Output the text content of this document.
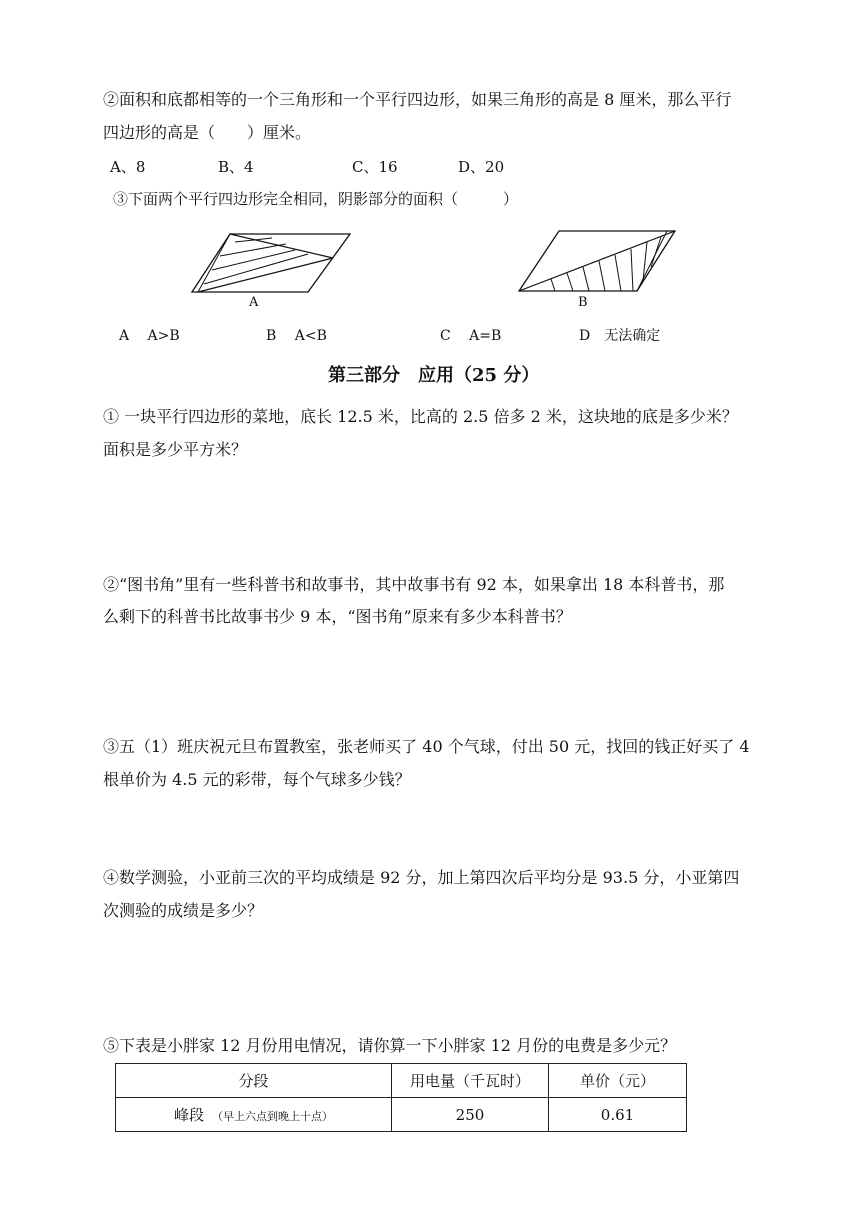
②面积和底都相等的一个三角形和一个平行四边形，如果三角形的高是 8 厘米，那么平行
四边形的高是（　　）厘米。
A、8	B、4	C、16	D、20
③下面两个平行四边形完全相同，阴影部分的面积（　　　）
A	B
A　 A>B	B　 A<B	C　 A=B	D　无法确定
第三部分　应用（25 分）
① 一块平行四边形的菜地，底长 12.5 米，比高的 2.5 倍多 2 米，这块地的底是多少米？
面积是多少平方米？
②“图书角”里有一些科普书和故事书，其中故事书有 92 本，如果拿出 18 本科普书，那
么剩下的科普书比故事书少 9 本，“图书角”原来有多少本科普书？
③五（1）班庆祝元旦布置教室，张老师买了 40 个气球，付出 50 元，找回的钱正好买了 4
根单价为 4.5 元的彩带，每个气球多少钱？
④数学测验，小亚前三次的平均成绩是 92 分，加上第四次后平均分是 93.5 分，小亚第四
次测验的成绩是多少？
⑤下表是小胖家 12 月份用电情况，请你算一下小胖家 12 月份的电费是多少元？
分段	用电量（千瓦时）	单价（元）
峰段 （早上六点到晚上十点）	250	0.61
